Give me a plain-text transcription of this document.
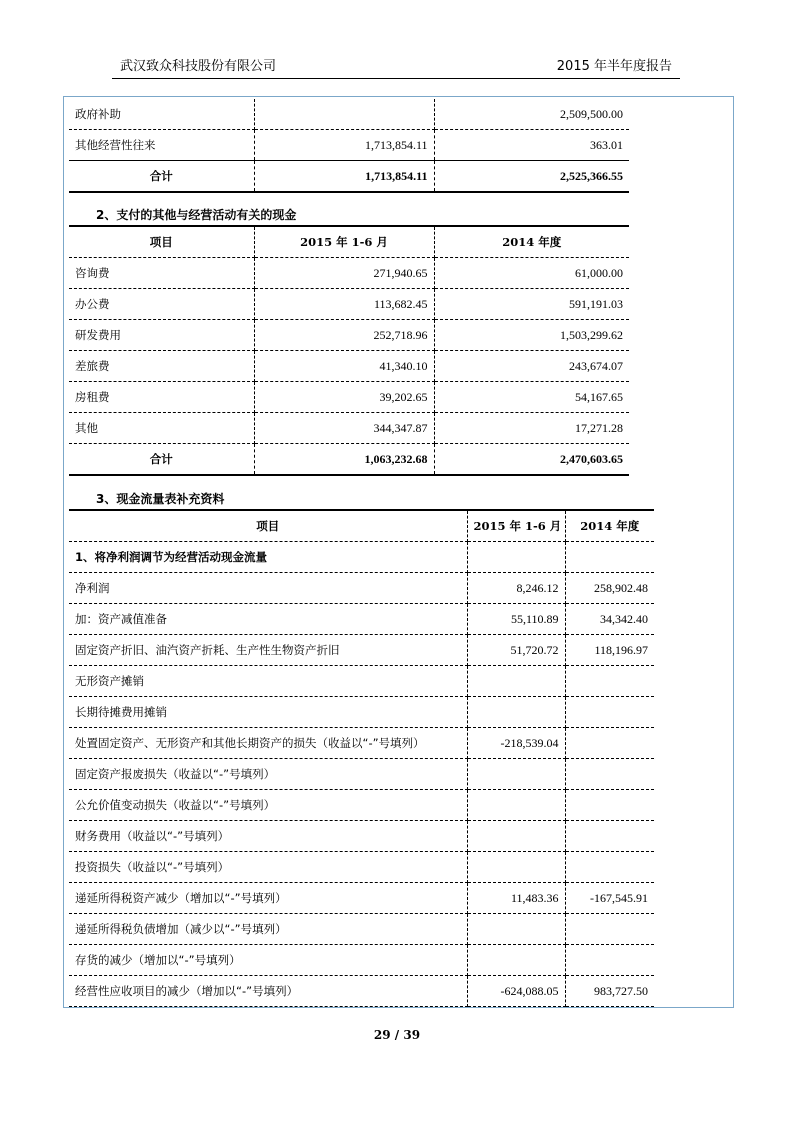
武汉致众科技股份有限公司	2015 年半年度报告
政府补助		2,509,500.00
其他经营性往来	1,713,854.11	363.01
合计	1,713,854.11	2,525,366.55
2、支付的其他与经营活动有关的现金
项目	2015 年 1-6 月	2014 年度
咨询费	271,940.65	61,000.00
办公费	113,682.45	591,191.03
研发费用	252,718.96	1,503,299.62
差旅费	41,340.10	243,674.07
房租费	39,202.65	54,167.65
其他	344,347.87	17,271.28
合计	1,063,232.68	2,470,603.65
3、现金流量表补充资料
项目	2015 年 1-6 月	2014 年度
1、将净利润调节为经营活动现金流量		
净利润	8,246.12	258,902.48
加：资产减值准备	55,110.89	34,342.40
固定资产折旧、油汽资产折耗、生产性生物资产折旧	51,720.72	118,196.97
无形资产摊销		
长期待摊费用摊销		
处置固定资产、无形资产和其他长期资产的损失（收益以“-”号填列）	-218,539.04	
固定资产报废损失（收益以“-”号填列）		
公允价值变动损失（收益以“-”号填列）		
财务费用（收益以“-”号填列）		
投资损失（收益以“-”号填列）		
递延所得税资产减少（增加以“-”号填列）	11,483.36	-167,545.91
递延所得税负债增加（减少以“-”号填列）		
存货的减少（增加以“-”号填列）		
经营性应收项目的减少（增加以“-”号填列）	-624,088.05	983,727.50
29 / 39
